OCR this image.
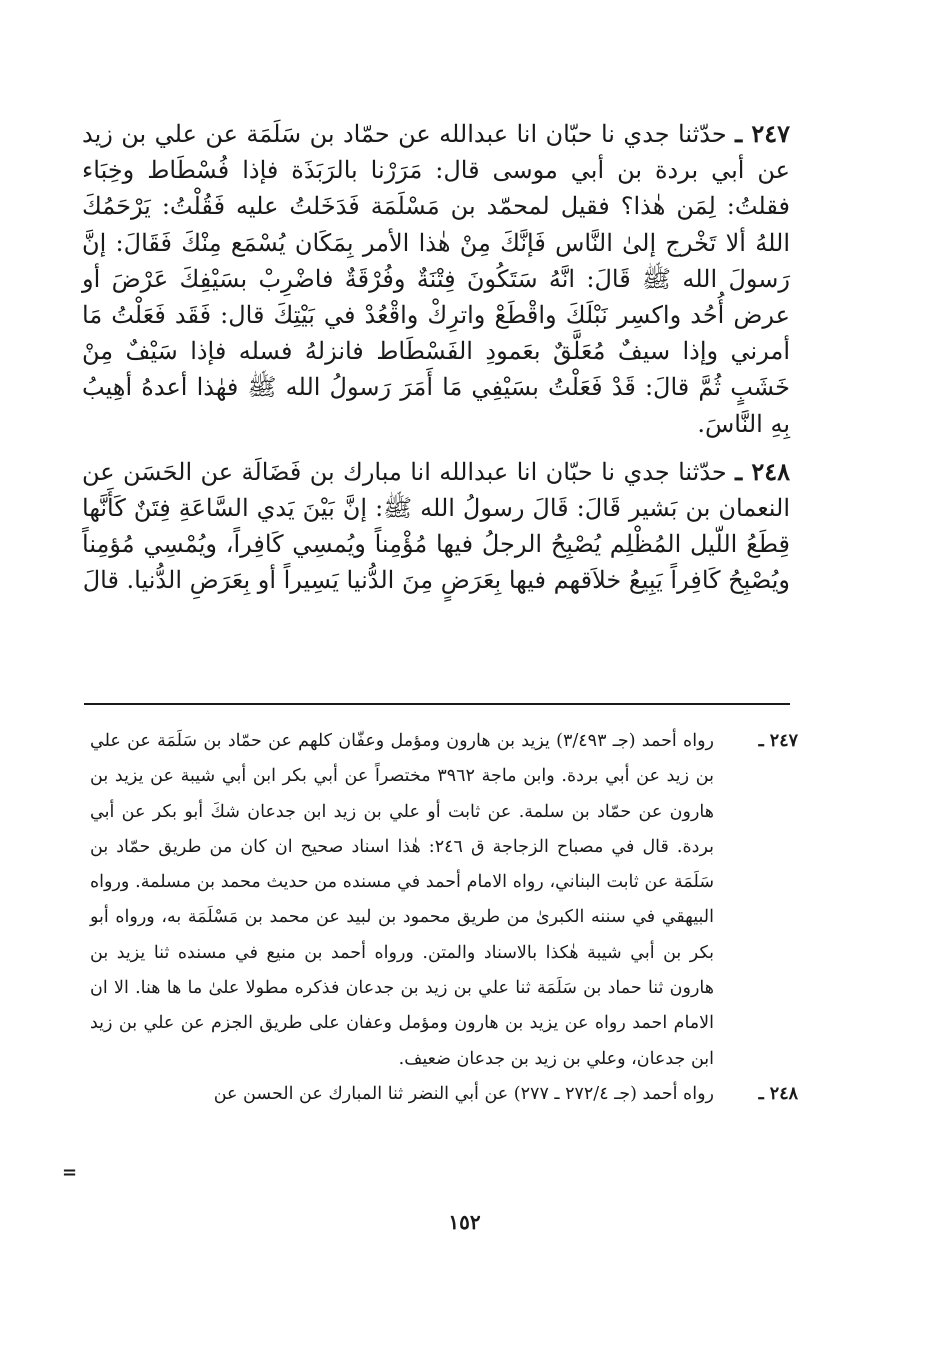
٢٤٧ ـ حدّثنا جدي نا حبّان انا عبدالله عن حمّاد بن سَلَمَة عن علي بن زيد عن أبي بردة بن أبي موسى قال: مَرَرْنا بالرَبَذَة فإذا فُسْطَاط وخِبَاء فقلتُ: لِمَن هٰذا؟ فقيل لمحمّد بن مَسْلَمَة فَدَخَلتُ عليه فَقُلْتُ: يَرْحَمُكَ اللهُ ألا تَخْرج إلىٰ النَّاس فَإنَّكَ مِنْ هٰذا الأمر بِمَكَان يُسْمَع مِنْكَ فَقَالَ: إنَّ رَسولَ الله ﷺ قَالَ: انَّهُ سَتَكُونَ فِتْنَةٌ وفُرْقَةٌ فاضْرِبْ بسَيْفِكَ عَرْضَ أو عرض أُحُد واكسِر نَبْلَكَ واقْطَعْ واترِكْ واقْعُدْ في بَيْتِكَ قال: فَقَد فَعَلْتُ مَا أمرني وإذا سيفٌ مُعَلَّقٌ بعَمودِ الفَسْطَاط فانزلهُ فسله فإذا سَيْفٌ مِنْ خَشَبٍ ثُمَّ قالَ: قَدْ فَعَلْتُ بسَيْفِي مَا أَمَرَ رَسولُ الله ﷺ فهٰذا أعدهُ أهِيبُ بِهِ النَّاسَ.

٢٤٨ ـ حدّثنا جدي نا حبّان انا عبدالله انا مبارك بن فَضَالَة عن الحَسَن عن النعمان بن بَشير قَالَ: قَالَ رسولُ الله ﷺ: إنَّ بَيْنَ يَدي السَّاعَةِ فِتَنٌ كَأَنَّها قِطَعُ اللّيل المُظْلِم يُصْبِحُ الرجلُ فيها مُؤْمِناً ويُمسِي كَافِراً، ويُمْسِي مُؤمِناً ويُصْبِحُ كَافِراً يَبِيعُ خلاَقهم فيها بِعَرَضٍ مِنَ الدُّنيا يَسِيراً أو بِعَرَضِ الدُّنيا. قالَ

٢٤٧ ـ
رواه أحمد (جـ ٣/٤٩٣) يزيد بن هارون ومؤمل وعفّان كلهم عن حمّاد بن سَلَمَة عن علي بن زيد عن أبي بردة. وابن ماجة ٣٩٦٢ مختصراً عن أبي بكر ابن أبي شيبة عن يزيد بن هارون عن حمّاد بن سلمة. عن ثابت أو علي بن زيد ابن جدعان شكَ أبو بكر عن أبي بردة. قال في مصباح الزجاجة ق ٢٤٦: هٰذا اسناد صحيح ان كان من طريق حمّاد بن سَلَمَة عن ثابت البناني، رواه الامام أحمد في مسنده من حديث محمد بن مسلمة. ورواه البيهقي في سننه الكبرىٰ من طريق محمود بن لبيد عن محمد بن مَسْلَمَة به، ورواه أبو بكر بن أبي شيبة هٰكذا بالاسناد والمتن. ورواه أحمد بن منيع في مسنده ثنا يزيد بن هارون ثنا حماد بن سَلَمَة ثنا علي بن زيد بن جدعان فذكره مطولا علىٰ ما ها هنا. الا ان الامام احمد رواه عن يزيد بن هارون ومؤمل وعفان على طريق الجزم عن علي بن زيد ابن جدعان، وعلي بن زيد بن جدعان ضعيف.
٢٤٨ ـ
رواه أحمد (جـ ٢٧٢/٤ ـ ٢٧٧) عن أبي النضر ثنا المبارك عن الحسن عن
=
١٥٢
